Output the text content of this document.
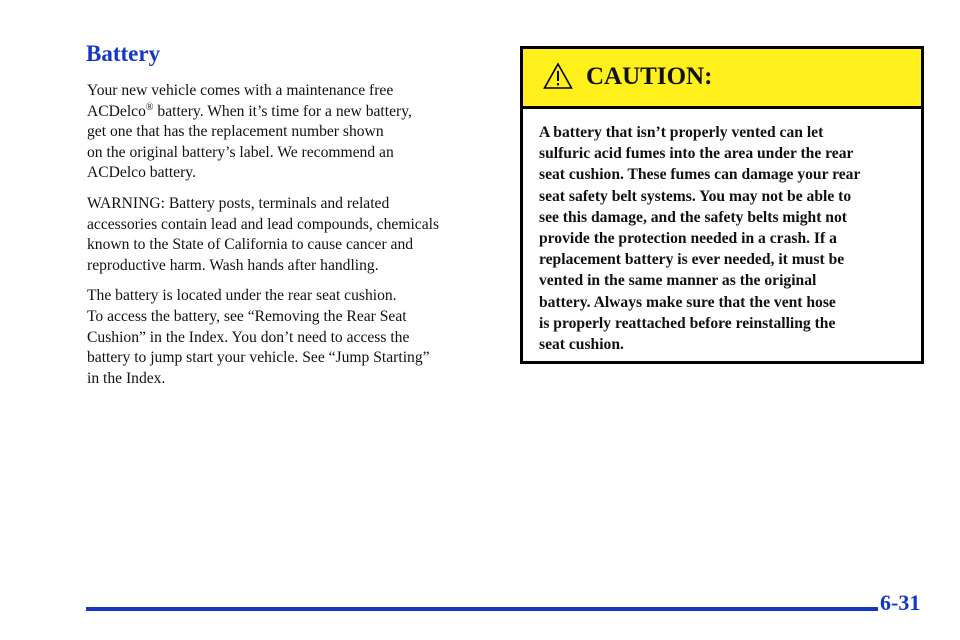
Battery

Your new vehicle comes with a maintenance free
ACDelco® battery. When it’s time for a new battery,
get one that has the replacement number shown
on the original battery’s label. We recommend an
ACDelco battery.

WARNING: Battery posts, terminals and related
accessories contain lead and lead compounds, chemicals
known to the State of California to cause cancer and
reproductive harm. Wash hands after handling.

The battery is located under the rear seat cushion.
To access the battery, see “Removing the Rear Seat
Cushion” in the Index. You don’t need to access the
battery to jump start your vehicle. See “Jump Starting”
in the Index.

CAUTION:
A battery that isn’t properly vented can let
sulfuric acid fumes into the area under the rear
seat cushion. These fumes can damage your rear
seat safety belt systems. You may not be able to
see this damage, and the safety belts might not
provide the protection needed in a crash. If a
replacement battery is ever needed, it must be
vented in the same manner as the original
battery. Always make sure that the vent hose
is properly reattached before reinstalling the
seat cushion.
6-31
